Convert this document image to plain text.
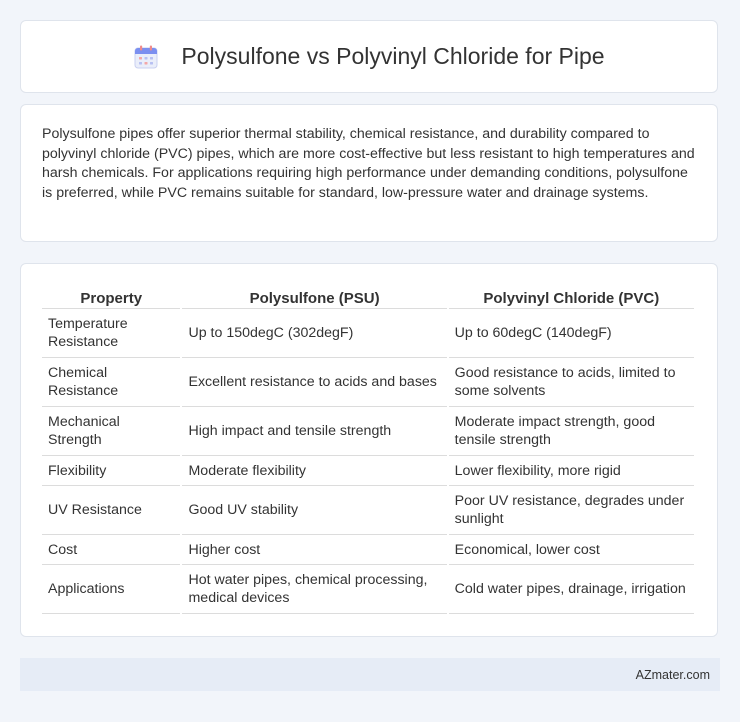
Polysulfone vs Polyvinyl Chloride for Pipe
Polysulfone pipes offer superior thermal stability, chemical resistance, and durability compared to polyvinyl chloride (PVC) pipes, which are more cost-effective but less resistant to high temperatures and harsh chemicals. For applications requiring high performance under demanding conditions, polysulfone is preferred, while PVC remains suitable for standard, low-pressure water and drainage systems.
Property	Polysulfone (PSU)	Polyvinyl Chloride (PVC)
Temperature Resistance	Up to 150degC (302degF)	Up to 60degC (140degF)
Chemical Resistance	Excellent resistance to acids and bases	Good resistance to acids, limited to some solvents
Mechanical Strength	High impact and tensile strength	Moderate impact strength, good tensile strength
Flexibility	Moderate flexibility	Lower flexibility, more rigid
UV Resistance	Good UV stability	Poor UV resistance, degrades under sunlight
Cost	Higher cost	Economical, lower cost
Applications	Hot water pipes, chemical processing, medical devices	Cold water pipes, drainage, irrigation
AZmater.com
